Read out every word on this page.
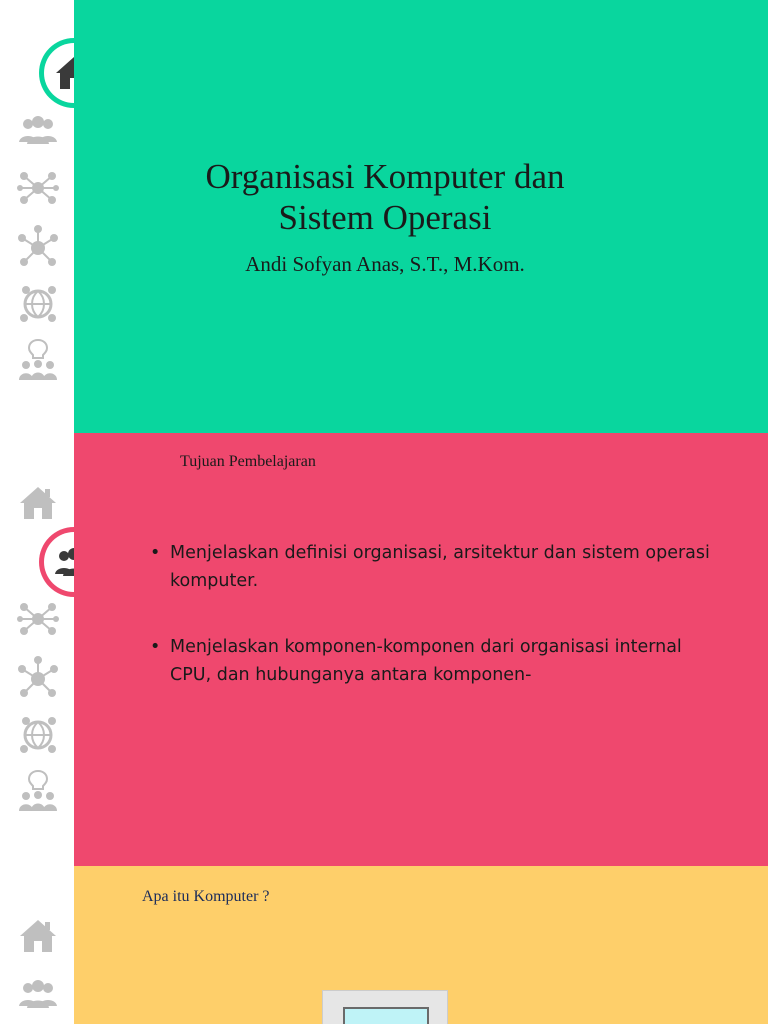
Organisasi Komputer dan
Sistem Operasi
Andi Sofyan Anas, S.T., M.Kom.
Tujuan Pembelajaran
• Menjelaskan definisi organisasi, arsitektur dan sistem operasi komputer.
• Menjelaskan komponen-komponen dari organisasi internal CPU, dan hubunganya antara komponen-
Apa itu Komputer ?
